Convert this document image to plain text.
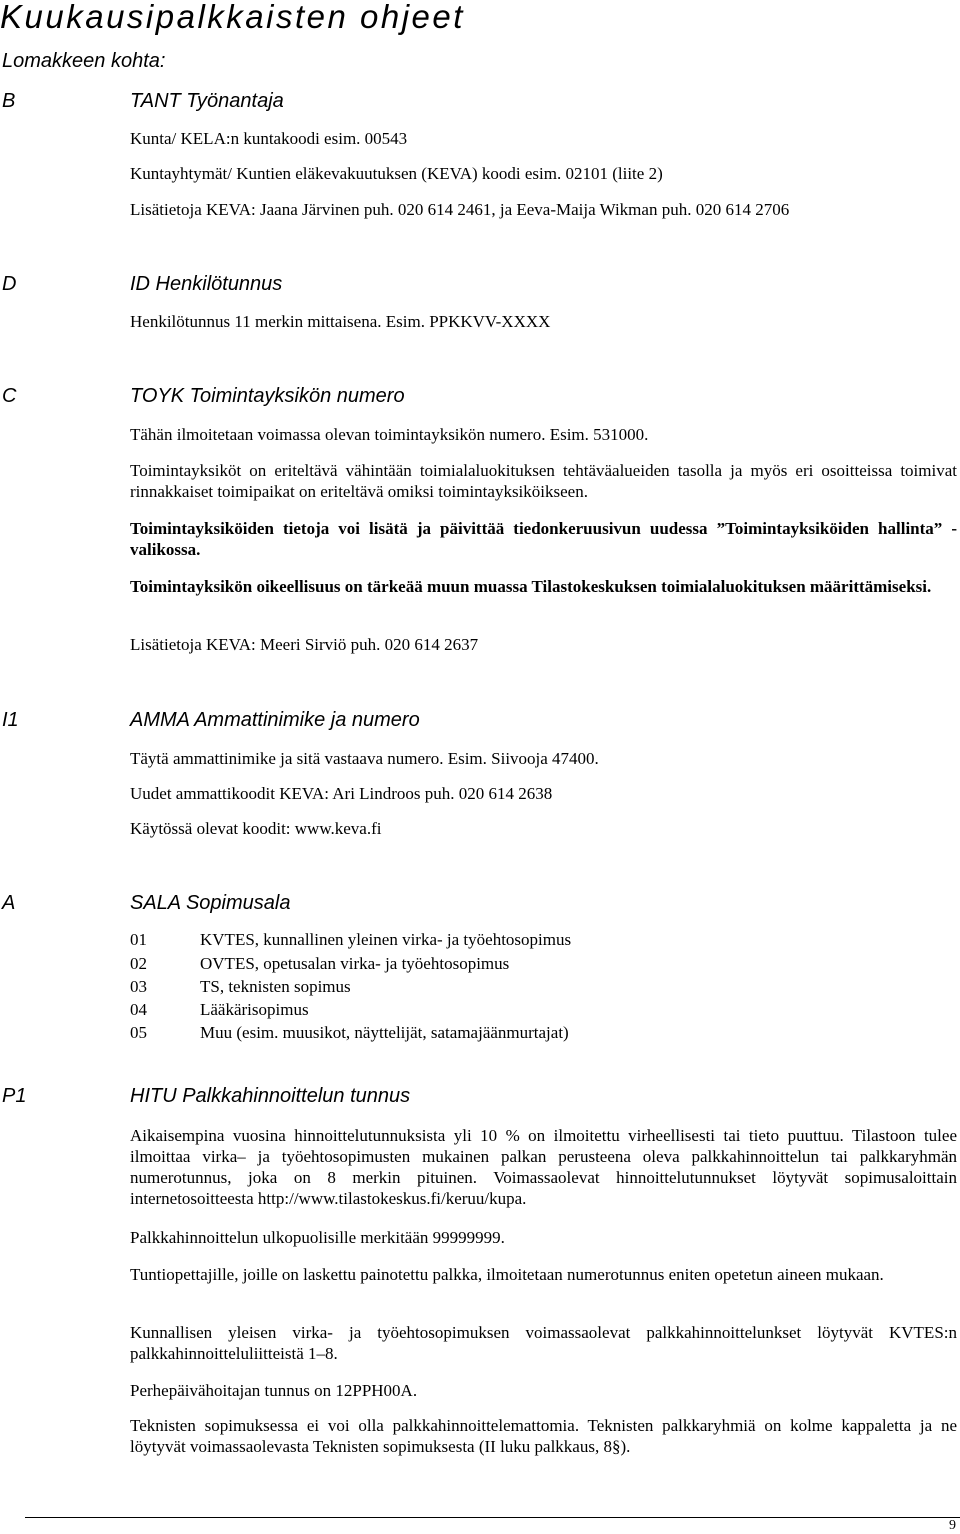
Kuukausipalkkaisten ohjeet
Lomakkeen kohta:
B	TANT Työnantaja

Kunta/ KELA:n kuntakoodi esim. 00543

Kuntayhtymät/ Kuntien eläkevakuutuksen (KEVA) koodi esim. 02101 (liite 2)

Lisätietoja KEVA: Jaana Järvinen puh. 020 614 2461, ja Eeva-Maija Wikman puh. 020 614 2706

D	ID Henkilötunnus

Henkilötunnus 11 merkin mittaisena. Esim. PPKKVV-XXXX

C	TOYK Toimintayksikön numero

Tähän ilmoitetaan voimassa olevan toimintayksikön numero. Esim. 531000.

Toimintayksiköt on eriteltävä vähintään toimialaluokituksen tehtäväalueiden tasolla ja myös eri osoitteissa toimivat rinnakkaiset toimipaikat on eriteltävä omiksi toimintayksiköikseen.

Toimintayksiköiden tietoja voi lisätä ja päivittää tiedonkeruusivun uudessa ”Toimintayksiköiden hallinta” - valikossa.

Toimintayksikön oikeellisuus on tärkeää muun muassa Tilastokeskuksen toimialaluokituksen määrittämiseksi.

Lisätietoja KEVA: Meeri Sirviö puh. 020 614 2637

I1	AMMA Ammattinimike ja numero

Täytä ammattinimike ja sitä vastaava numero. Esim. Siivooja 47400.

Uudet ammattikoodit KEVA: Ari Lindroos puh. 020 614 2638

Käytössä olevat koodit: www.keva.fi

A	SALA Sopimusala
01	KVTES, kunnallinen yleinen virka- ja työehtosopimus
02	OVTES, opetusalan virka- ja työehtosopimus
03	TS, teknisten sopimus
04	Lääkärisopimus
05	Muu (esim. muusikot, näyttelijät, satamajäänmurtajat)
P1	HITU Palkkahinnoittelun tunnus

Aikaisempina vuosina hinnoittelutunnuksista yli 10 % on ilmoitettu virheellisesti tai tieto puuttuu. Tilastoon tulee ilmoittaa virka– ja työehtosopimusten mukainen palkan perusteena oleva palkkahinnoittelun tai palkkaryhmän numerotunnus, joka on 8 merkin pituinen. Voimassaolevat hinnoittelutunnukset löytyvät sopimusaloittain internetosoitteesta http://www.tilastokeskus.fi/keruu/kupa.

Palkkahinnoittelun ulkopuolisille merkitään 99999999.

Tuntiopettajille, joille on laskettu painotettu palkka, ilmoitetaan numerotunnus eniten opetetun aineen mukaan.

Kunnallisen yleisen virka- ja työehtosopimuksen voimassaolevat palkkahinnoittelunkset löytyvät KVTES:n palkkahinnoitteluliitteistä 1–8.

Perhepäivähoitajan tunnus on 12PPH00A.

Teknisten sopimuksessa ei voi olla palkkahinnoittelemattomia. Teknisten palkkaryhmiä on kolme kappaletta ja ne löytyvät voimassaolevasta Teknisten sopimuksesta (II luku palkkaus, 8§).

9
